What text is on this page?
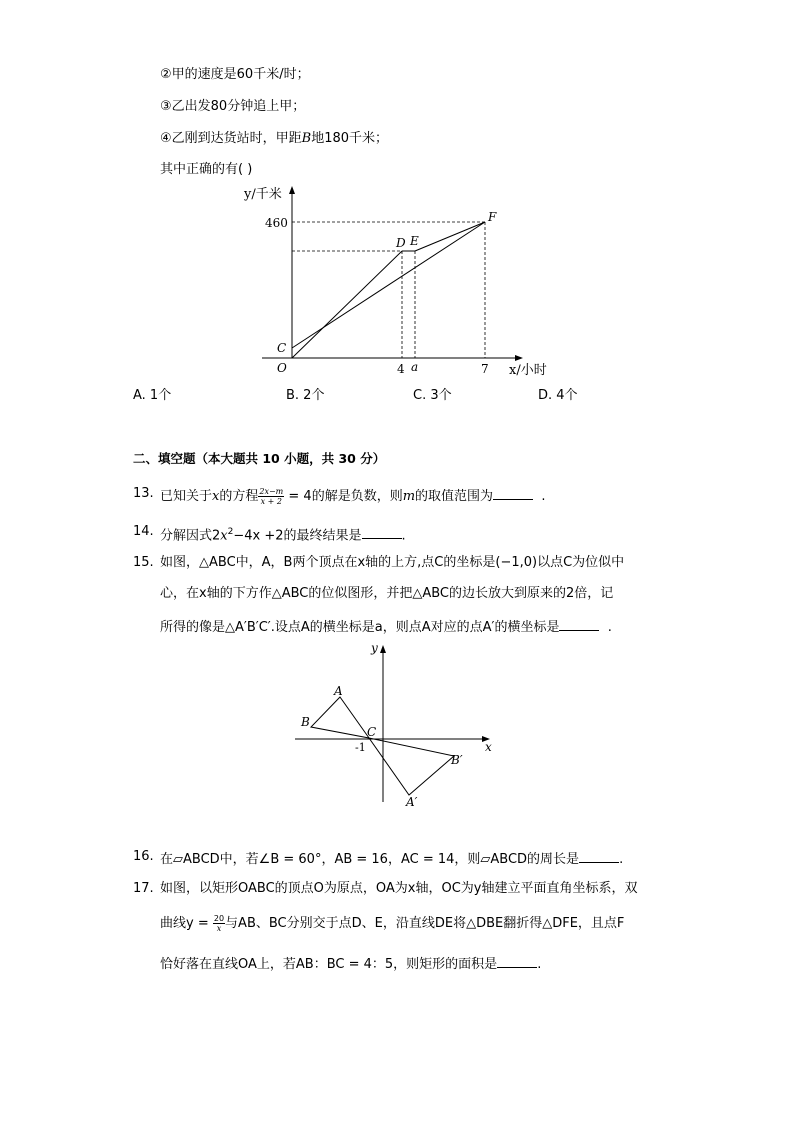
②甲的速度是60千米/时；
③乙出发80分钟追上甲；
④乙刚到达货站时，甲距B地180千米；
其中正确的有( )
y/千米
460
C
O
D E
F
4 a	7 x/小时
A. 1个	B. 2个	C. 3个	D. 4个
二、填空题（本大题共 10 小题，共 30 分）
13. 已知关于x的方程 $\frac{2x-m}{x + 2} = 4$的解是负数，则m的取值范围为	.
14. 分解因式$2x^2-4x +2$的最终结果是	.
15. 如图，△ABC中，A，B两个顶点在x轴的上方,点C的坐标是(−1,0)以点C为位似中
心，在x轴的下方作△ABC的位似图形，并把△ABC的边长放大到原来的2倍，记
所得的像是△A′B′C′.设点A的横坐标是a，则点A对应的点A′的横坐标是	.
y
x
A
B
C
-1
B′
A′
16. 在▱ABCD中，若∠B = 60°，AB = 16，AC = 14，则▱ABCD的周长是	.
17. 如图，以矩形OABC的顶点O为原点，OA为x轴，OC为y轴建立平面直角坐标系，双
曲线$y = \frac{20}{x}$ 与AB、BC分别交于点D、E，沿直线DE将△DBE翻折得△DFE，且点F
恰好落在直线OA上，若AB：BC = 4：5，则矩形的面积是	.
